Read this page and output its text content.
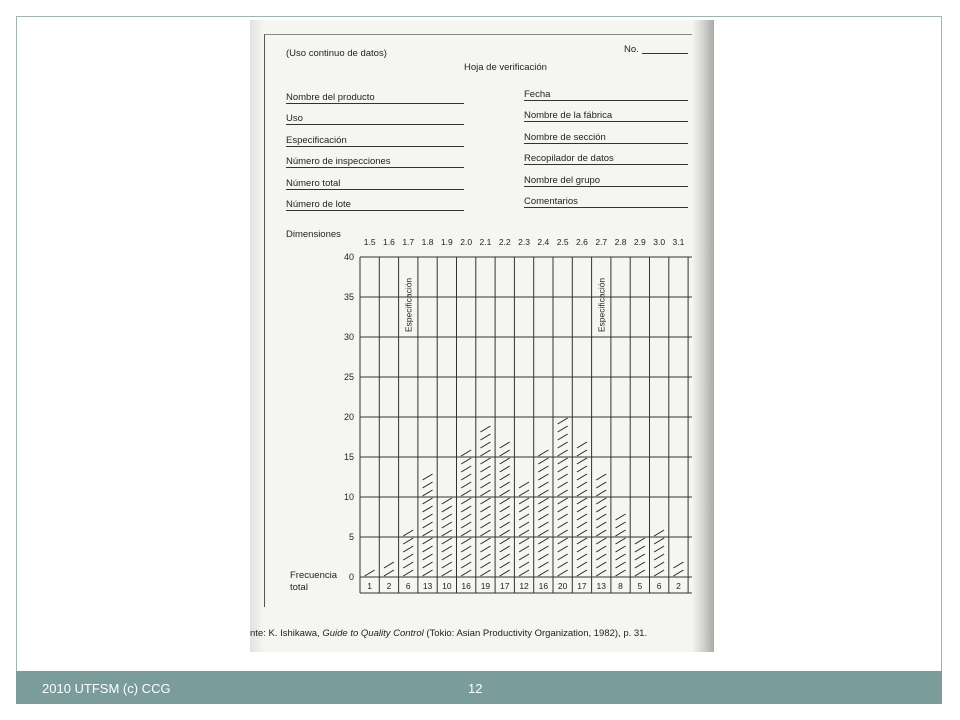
(Uso continuo de datos)
Hoja de verificación
No.
Nombre del producto
Uso
Especificación
Número de inspecciones
Número total
Número de lote
Fecha
Nombre de la fábrica
Nombre de sección
Recopilador de datos
Nombre del grupo
Comentarios
Dimensiones
Frecuencia
total
0
5
10
15
20
25
30
35
40
1.5
1
1.6
2
1.7
6
1.8
13
1.9
10
2.0
16
2.1
19
2.2
17
2.3
12
2.4
16
2.5
20
2.6
17
2.7
13
2.8
8
2.9
5
3.0
6
3.1
2
Especificación	Especificación
nte: K. Ishikawa, Guide to Quality Control (Tokio: Asian Productivity Organization, 1982), p. 31.
2010 UTFSM (c) CCG	12
